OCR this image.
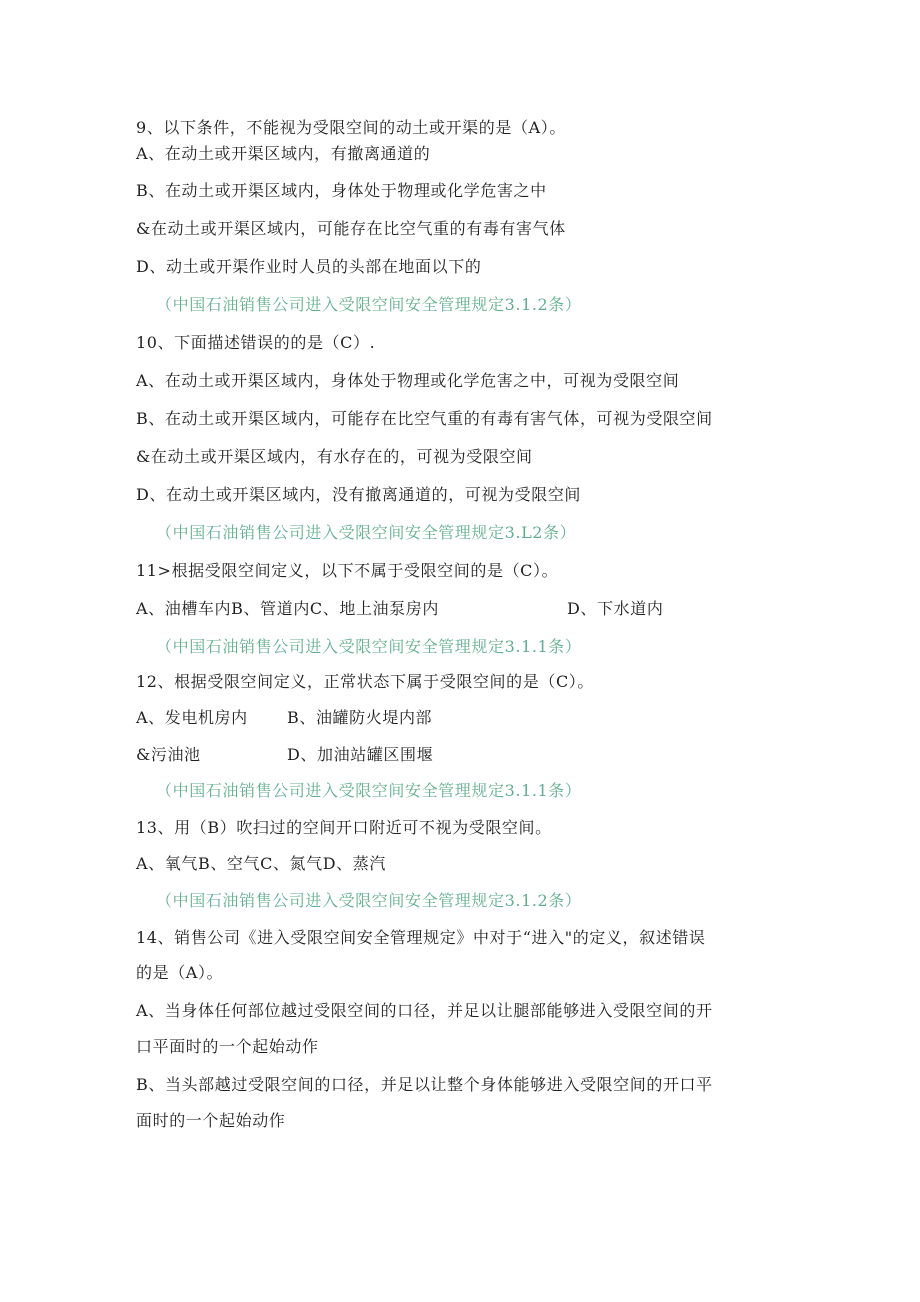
9、以下条件，不能视为受限空间的动土或开渠的是（A）。
A、在动土或开渠区域内，有撤离通道的
B、在动土或开渠区域内，身体处于物理或化学危害之中
&在动土或开渠区域内，可能存在比空气重的有毒有害气体
D、动土或开渠作业时人员的头部在地面以下的
（中国石油销售公司进入受限空间安全管理规定3.1.2条）
10、下面描述错误的的是（C）.
A、在动土或开渠区域内，身体处于物理或化学危害之中，可视为受限空间
B、在动土或开渠区域内，可能存在比空气重的有毒有害气体，可视为受限空间
&在动土或开渠区域内，有水存在的，可视为受限空间
D、在动土或开渠区域内，没有撤离通道的，可视为受限空间
（中国石油销售公司进入受限空间安全管理规定3.L2条）
11>根据受限空间定义，以下不属于受限空间的是（C）。
A、油槽车内B、管道内C、地上油泵房内	D、下水道内
（中国石油销售公司进入受限空间安全管理规定3.1.1条）
12、根据受限空间定义，正常状态下属于受限空间的是（C）。
A、发电机房内 B、油罐防火堤内部
&污油池	D、加油站罐区围堰
（中国石油销售公司进入受限空间安全管理规定3.1.1条）
13、用（B）吹扫过的空间开口附近可不视为受限空间。
A、氧气B、空气C、氮气D、蒸汽
（中国石油销售公司进入受限空间安全管理规定3.1.2条）
14、销售公司《进入受限空间安全管理规定》中对于“进入"的定义，叙述错误
的是（A）。
A、当身体任何部位越过受限空间的口径，并足以让腿部能够进入受限空间的开
口平面时的一个起始动作
B、当头部越过受限空间的口径，并足以让整个身体能够进入受限空间的开口平
面时的一个起始动作
